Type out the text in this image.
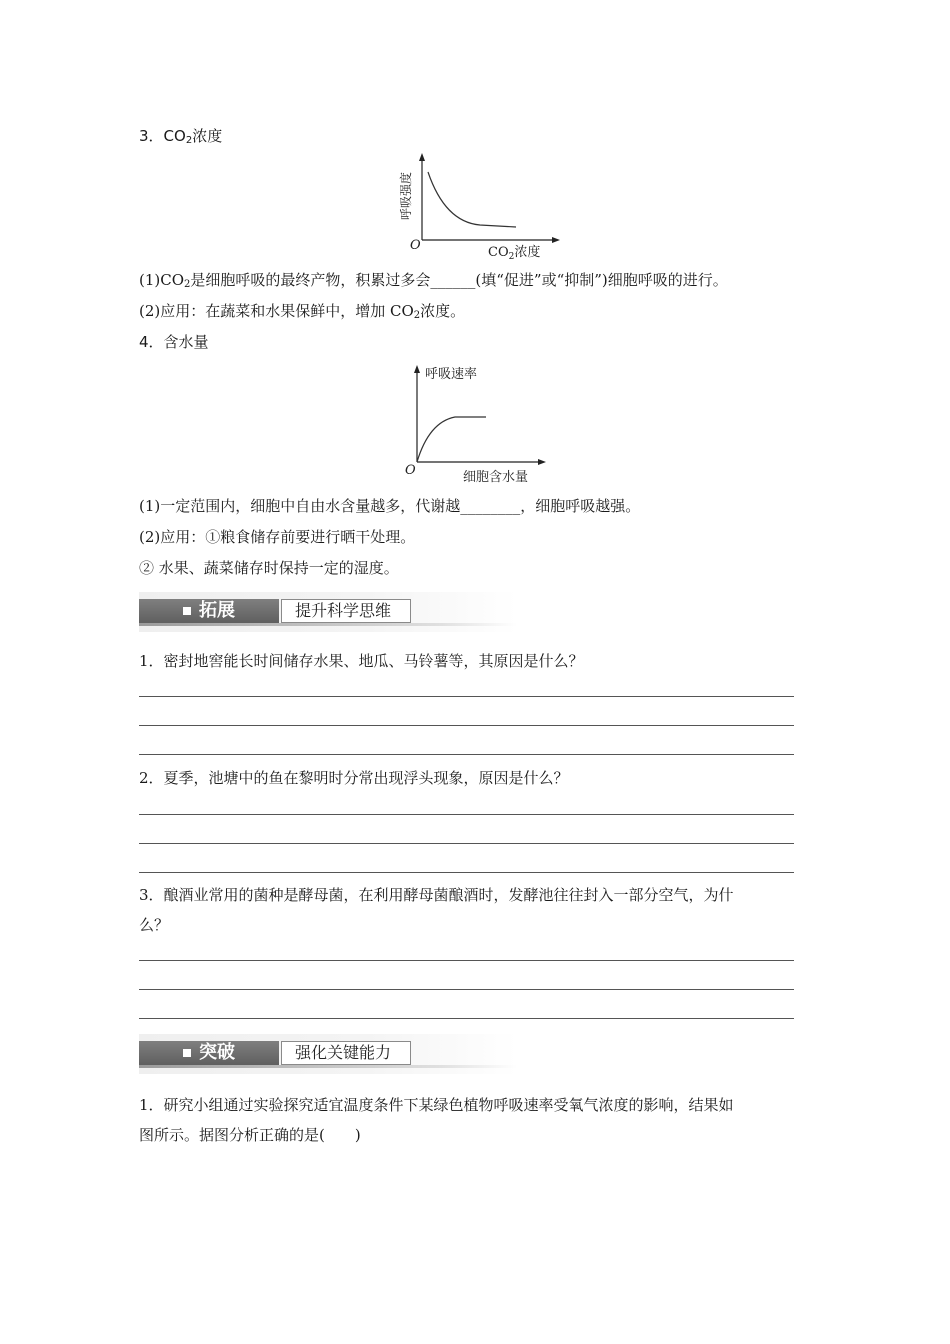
3．$CO_2$浓度
呼吸强度
O	$CO_2$浓度
$(1)CO_2$是细胞呼吸的最终产物，积累过多会______(填“促进”或“抑制”)细胞呼吸的进行。
(2)应用：在蔬菜和水果保鲜中，增加 $CO_2$浓度。
4．含水量
呼吸速率
O	细胞含水量
(1)一定范围内，细胞中自由水含量越多，代谢越________，细胞呼吸越强。
(2)应用：①粮食储存前要进行晒干处理。
② 水果、蔬菜储存时保持一定的湿度。
拓展	提升科学思维
1．密封地窖能长时间储存水果、地瓜、马铃薯等，其原因是什么？
2．夏季，池塘中的鱼在黎明时分常出现浮头现象，原因是什么？
3．酿酒业常用的菌种是酵母菌，在利用酵母菌酿酒时，发酵池往往封入一部分空气，为什
么？
突破	强化关键能力
1．研究小组通过实验探究适宜温度条件下某绿色植物呼吸速率受氧气浓度的影响，结果如
图所示。据图分析正确的是(　　)
